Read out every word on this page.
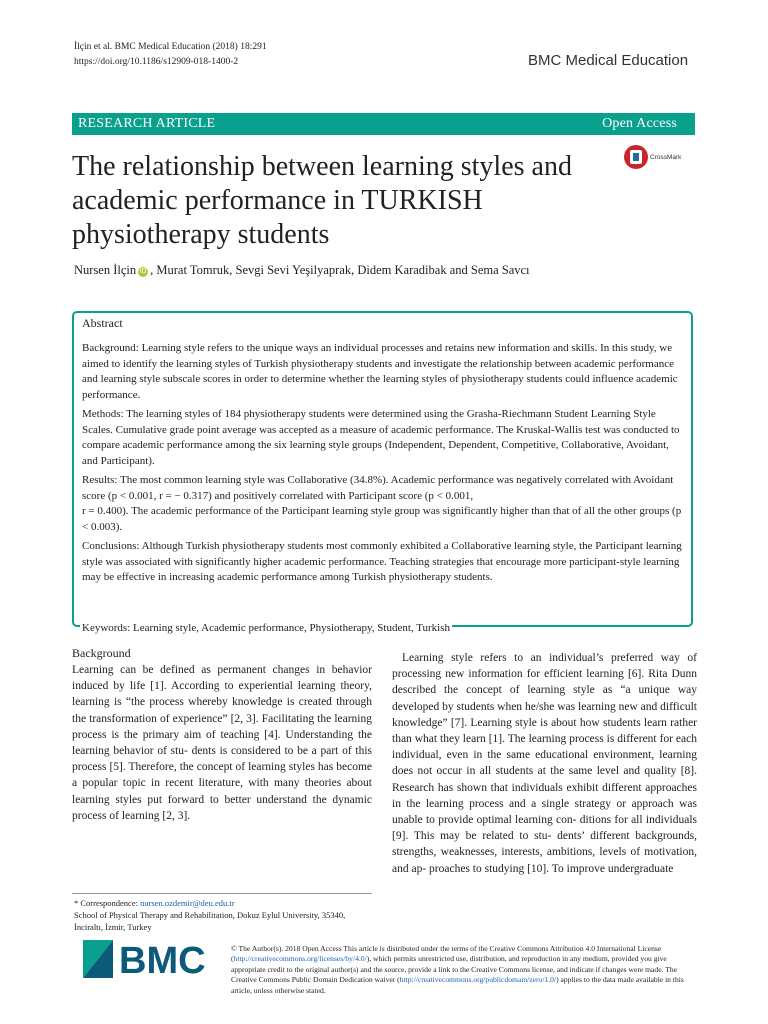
İlçin et al. BMC Medical Education (2018) 18:291
https://doi.org/10.1186/s12909-018-1400-2	BMC Medical Education
RESEARCH ARTICLE	Open Access
CrossMark
The relationship between learning styles and academic performance in TURKISH physiotherapy students
Nursen İlçin iD , Murat Tomruk, Sevgi Sevi Yeşilyaprak, Didem Karadibak and Sema Savcı
Abstract

Background: Learning style refers to the unique ways an individual processes and retains new information and skills. In this study, we aimed to identify the learning styles of Turkish physiotherapy students and investigate the relationship between academic performance and learning style subscale scores in order to determine whether the learning styles of physiotherapy students could influence academic performance.

Methods: The learning styles of 184 physiotherapy students were determined using the Grasha-Riechmann Student Learning Style Scales. Cumulative grade point average was accepted as a measure of academic performance. The Kruskal-Wallis test was conducted to compare academic performance among the six learning style groups (Independent, Dependent, Competitive, Collaborative, Avoidant, and Participant).

Results: The most common learning style was Collaborative (34.8%). Academic performance was negatively correlated with Avoidant score (p < 0.001, r = − 0.317) and positively correlated with Participant score (p < 0.001,

r = 0.400). The academic performance of the Participant learning style group was significantly higher than that of all the other groups (p < 0.003).

Conclusions: Although Turkish physiotherapy students most commonly exhibited a Collaborative learning style, the Participant learning style was associated with significantly higher academic performance. Teaching strategies that encourage more participant-style learning may be effective in increasing academic performance among Turkish physiotherapy students.

Keywords: Learning style, Academic performance, Physiotherapy, Student, Turkish
Background

Learning can be defined as permanent changes in behavior induced by life [1]. According to experiential learning theory, learning is “the process whereby knowledge is created through the transformation of experience” [2, 3]. Facilitating the learning process is the primary aim of teaching [4]. Understanding the learning behavior of stu- dents is considered to be a part of this process [5]. Therefore, the concept of learning styles has become a popular topic in recent literature, with many theories about learning styles put forward to better understand the dynamic process of learning [2, 3].

Learning style refers to an individual’s preferred way of processing new information for efficient learning [6]. Rita Dunn described the concept of learning style as “a unique way developed by students when he/she was learning new and difficult knowledge” [7]. Learning style is about how students learn rather than what they learn [1]. The learning process is different for each individual, even in the same educational environment, learning does not occur in all students at the same level and quality [8]. Research has shown that individuals exhibit different approaches in the learning process and a single strategy or approach was unable to provide optimal learning con- ditions for all individuals [9]. This may be related to stu- dents’ different backgrounds, strengths, weaknesses, interests, ambitions, levels of motivation, and ap- proaches to studying [10]. To improve undergraduate

* Correspondence: nursen.ozdemir@deu.edu.tr
School of Physical Therapy and Rehabilitation, Dokuz Eylul University, 35340, İnciraltı, İzmir, Turkey
BMC	© The Author(s). 2018 Open Access This article is distributed under the terms of the Creative Commons Attribution 4.0 International License (http://creativecommons.org/licenses/by/4.0/), which permits unrestricted use, distribution, and reproduction in any medium, provided you give appropriate credit to the original author(s) and the source, provide a link to the Creative Commons license, and indicate if changes were made. The Creative Commons Public Domain Dedication waiver (http://creativecommons.org/publicdomain/zero/1.0/) applies to the data made available in this article, unless otherwise stated.
